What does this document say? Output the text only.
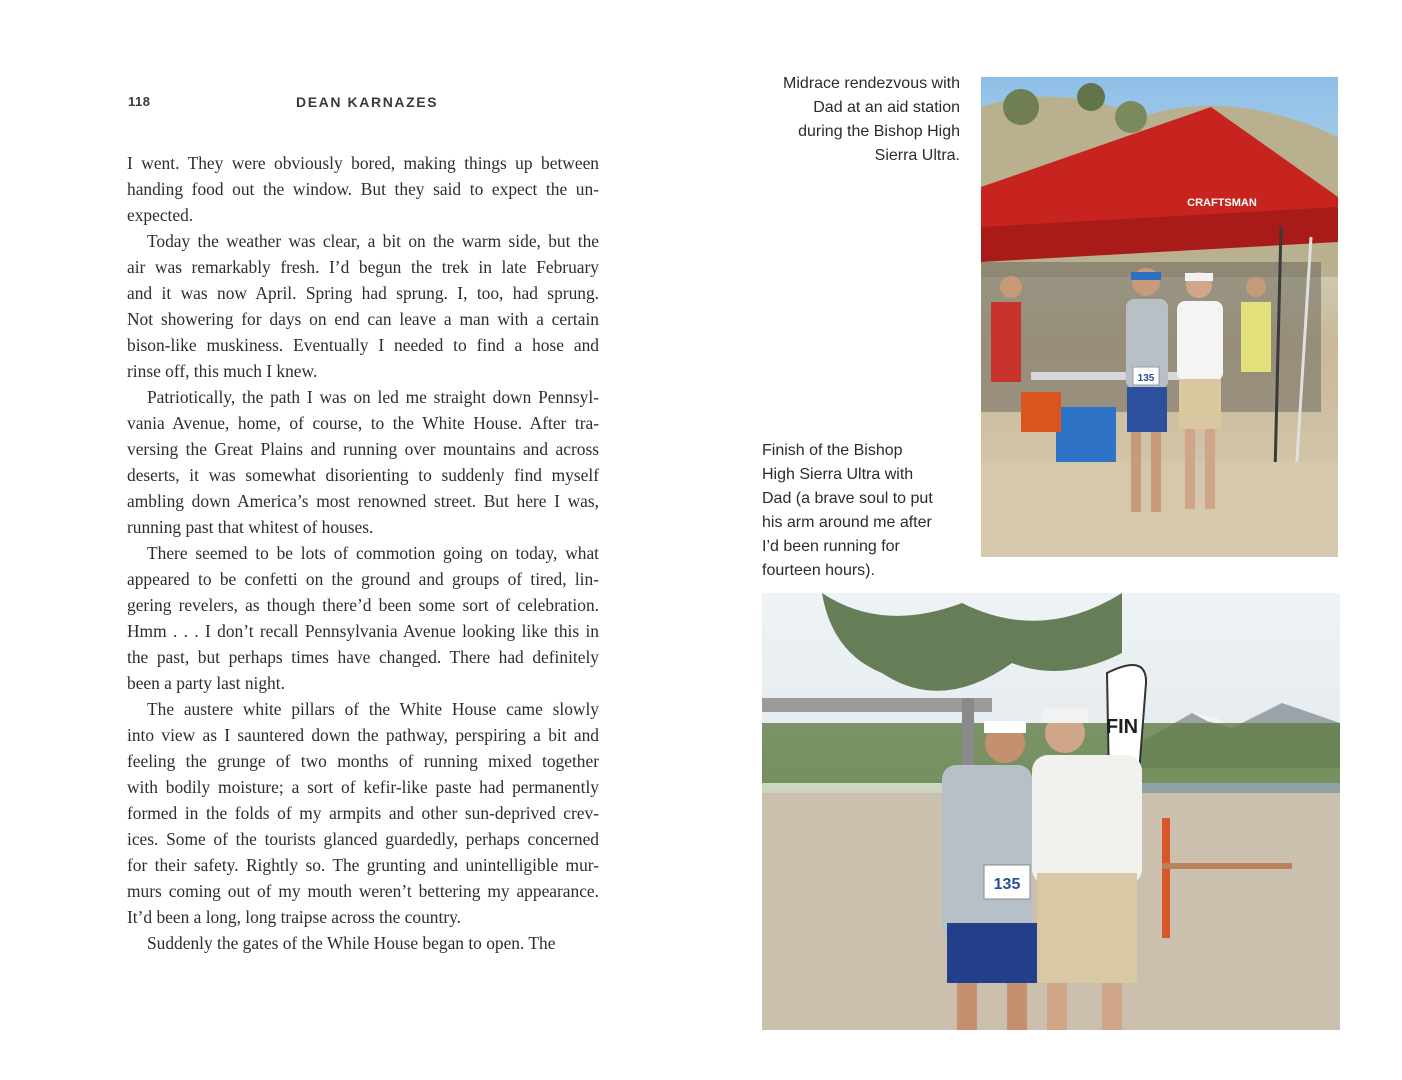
118	DEAN KARNAZES
I went. They were obviously bored, making things up between
handing food out the window. But they said to expect the un-
expected.
Today the weather was clear, a bit on the warm side, but the
air was remarkably fresh. I’d begun the trek in late February
and it was now April. Spring had sprung. I, too, had sprung.
Not showering for days on end can leave a man with a certain
bison-like muskiness. Eventually I needed to find a hose and
rinse off, this much I knew.
Patriotically, the path I was on led me straight down Pennsyl-
vania Avenue, home, of course, to the White House. After tra-
versing the Great Plains and running over mountains and across
deserts, it was somewhat disorienting to suddenly find myself
ambling down America’s most renowned street. But here I was,
running past that whitest of houses.
There seemed to be lots of commotion going on today, what
appeared to be confetti on the ground and groups of tired, lin-
gering revelers, as though there’d been some sort of celebration.
Hmm . . . I don’t recall Pennsylvania Avenue looking like this in
the past, but perhaps times have changed. There had definitely
been a party last night.
The austere white pillars of the White House came slowly
into view as I sauntered down the pathway, perspiring a bit and
feeling the grunge of two months of running mixed together
with bodily moisture; a sort of kefir-like paste had permanently
formed in the folds of my armpits and other sun-deprived crev-
ices. Some of the tourists glanced guardedly, perhaps concerned
for their safety. Rightly so. The grunting and unintelligible mur-
murs coming out of my mouth weren’t bettering my appearance.
It’d been a long, long traipse across the country.
Suddenly the gates of the While House began to open. The
Midrace rendezvous with
Dad at an aid station
during the Bishop High
Sierra Ultra.
CRAFTSMAN
135
Finish of the Bishop
High Sierra Ultra with
Dad (a brave soul to put
his arm around me after
I’d been running for
fourteen hours).
FIN
135
